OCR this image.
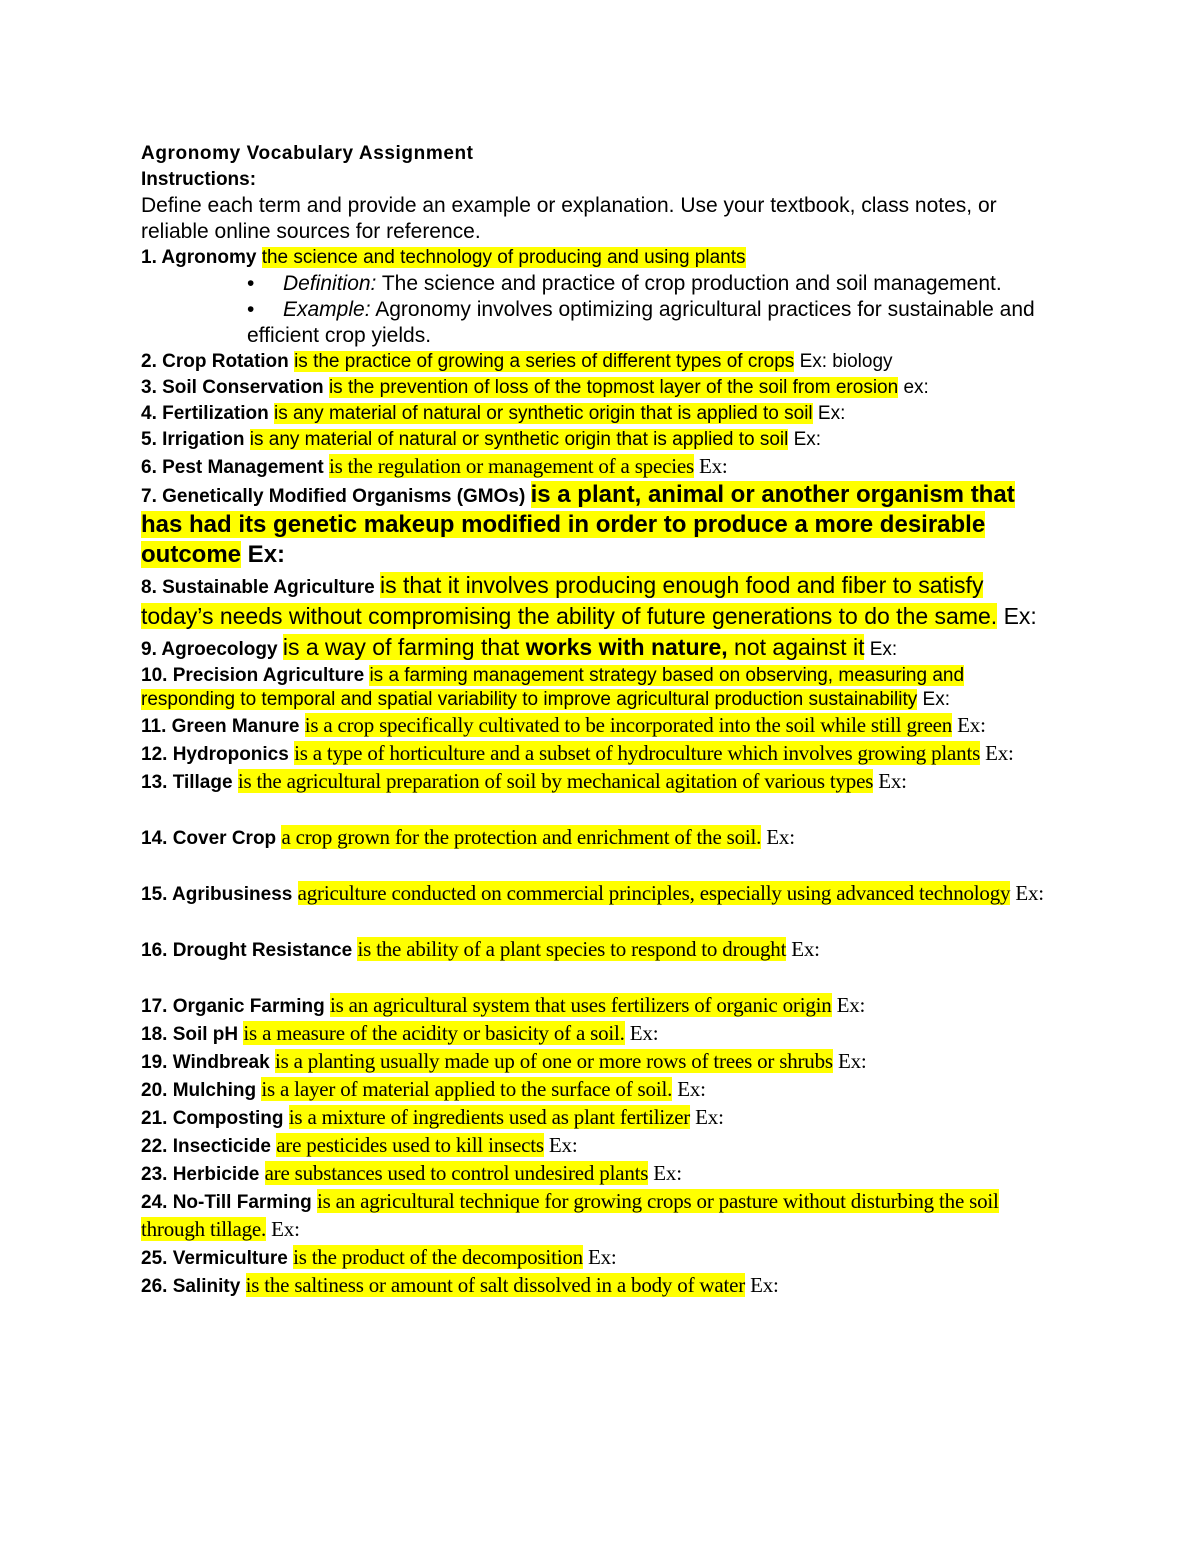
Agronomy Vocabulary Assignment

Instructions:

Define each term and provide an example or explanation. Use your textbook, class notes, or reliable online sources for reference.

1. Agronomy the science and technology of producing and using plants

• Definition: The science and practice of crop production and soil management.

• Example: Agronomy involves optimizing agricultural practices for sustainable and efficient crop yields.

2. Crop Rotation is the practice of growing a series of different types of crops Ex: biology

3. Soil Conservation is the prevention of loss of the topmost layer of the soil from erosion ex:

4. Fertilization is any material of natural or synthetic origin that is applied to soil Ex:

5. Irrigation is any material of natural or synthetic origin that is applied to soil Ex:

6. Pest Management is the regulation or management of a species Ex:

7. Genetically Modified Organisms (GMOs) is a plant, animal or another organism that has had its genetic makeup modified in order to produce a more desirable outcome Ex:

8. Sustainable Agriculture is that it involves producing enough food and fiber to satisfy today’s needs without compromising the ability of future generations to do the same. Ex:

9. Agroecology is a way of farming that works with nature, not against it Ex:

10. Precision Agriculture is a farming management strategy based on observing, measuring and responding to temporal and spatial variability to improve agricultural production sustainability Ex:

11. Green Manure is a crop specifically cultivated to be incorporated into the soil while still green Ex:

12. Hydroponics is a type of horticulture and a subset of hydroculture which involves growing plants Ex:

13. Tillage is the agricultural preparation of soil by mechanical agitation of various types Ex:

14. Cover Crop a crop grown for the protection and enrichment of the soil. Ex:

15. Agribusiness agriculture conducted on commercial principles, especially using advanced technology Ex:

16. Drought Resistance is the ability of a plant species to respond to drought Ex:

17. Organic Farming is an agricultural system that uses fertilizers of organic origin Ex:

18. Soil pH is a measure of the acidity or basicity of a soil. Ex:

19. Windbreak is a planting usually made up of one or more rows of trees or shrubs Ex:

20. Mulching is a layer of material applied to the surface of soil. Ex:

21. Composting is a mixture of ingredients used as plant fertilizer Ex:

22. Insecticide are pesticides used to kill insects Ex:

23. Herbicide are substances used to control undesired plants Ex:

24. No-Till Farming is an agricultural technique for growing crops or pasture without disturbing the soil through tillage. Ex:

25. Vermiculture is the product of the decomposition Ex:

26. Salinity is the saltiness or amount of salt dissolved in a body of water Ex:
